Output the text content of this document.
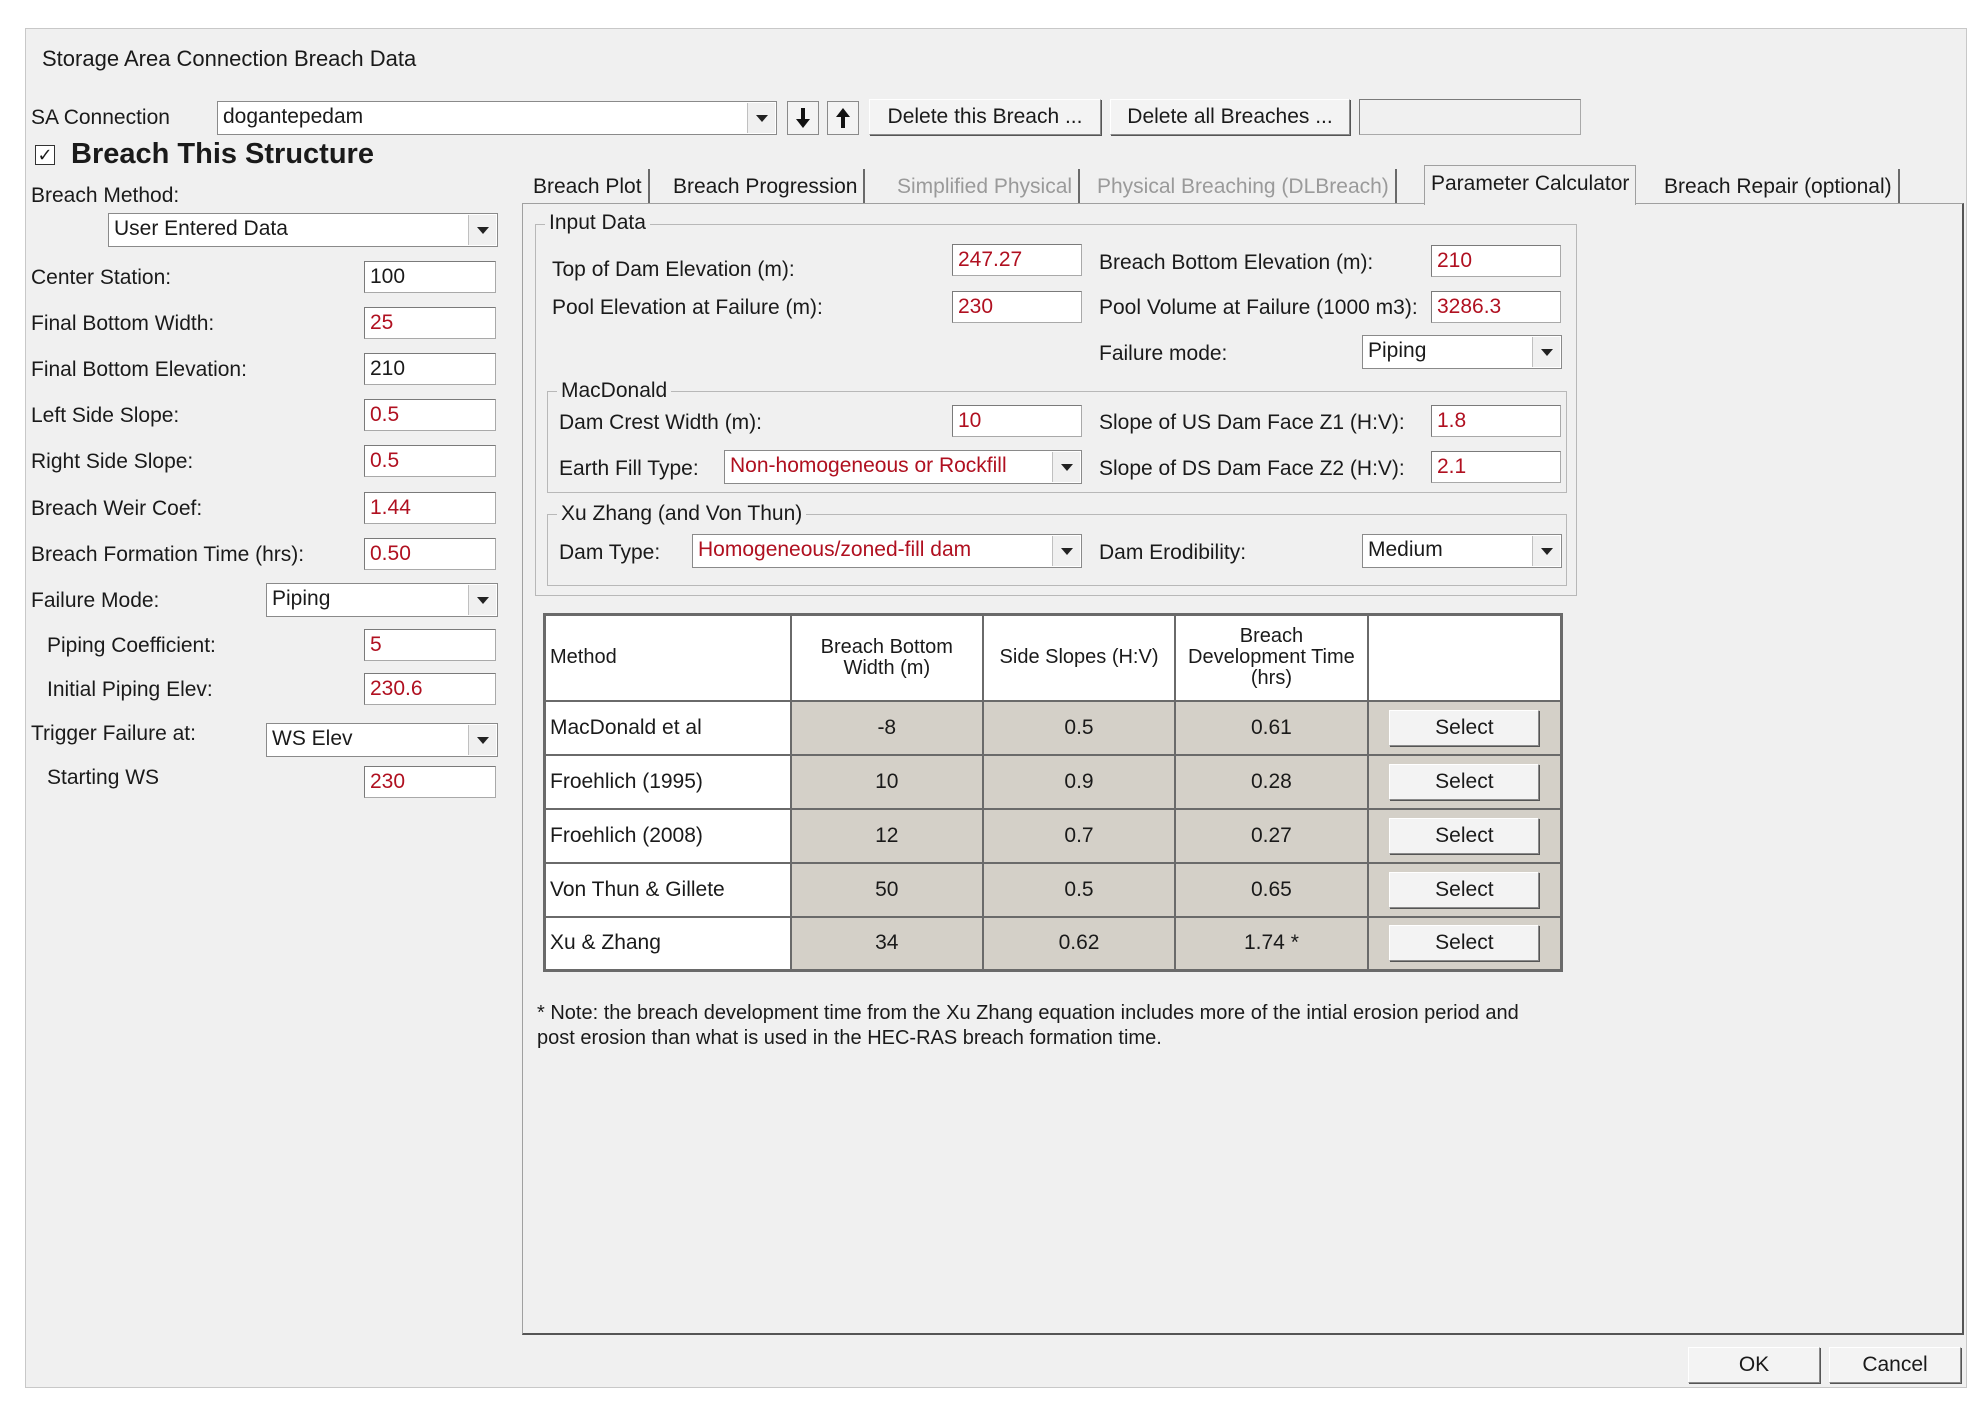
Storage Area Connection Breach Data
SA Connection	dogantepedam	Delete this Breach ...	Delete all Breaches ...
✓ Breach This Structure
Breach Method:
User Entered Data
Center Station:	100
Final Bottom Width:	25
Final Bottom Elevation:	210
Left Side Slope:	0.5
Right Side Slope:	0.5
Breach Weir Coef:	1.44
Breach Formation Time (hrs):	0.50
Failure Mode:	Piping
Piping Coefficient:	5
Initial Piping Elev:	230.6
Trigger Failure at:	WS Elev
Starting WS	230
Breach Plot	Breach Progression	Simplified Physical	Physical Breaching (DLBreach)	Parameter Calculator	Breach Repair (optional)
Input Data
Top of Dam Elevation (m):	247.27	Breach Bottom Elevation (m):	210
Pool Elevation at Failure (m):	230	Pool Volume at Failure (1000 m3): 3286.3
Failure mode:	Piping
MacDonald
Dam Crest Width (m):	10	Slope of US Dam Face Z1 (H:V): 1.8
Earth Fill Type: Non-homogeneous or Rockfill	Slope of DS Dam Face Z2 (H:V): 2.1
Xu Zhang (and Von Thun)
Dam Type: Homogeneous/zoned-fill dam	Dam Erodibility:	Medium
Method	Breach Bottom Width (m)	Side Slopes (H:V)	Breach Development Time (hrs)	
MacDonald et al	-8	0.5	0.61	Select
Froehlich (1995)	10	0.9	0.28	Select
Froehlich (2008)	12	0.7	0.27	Select
Von Thun & Gillete	50	0.5	0.65	Select
Xu & Zhang	34	0.62	1.74 *	Select
* Note: the breach development time from the Xu Zhang equation includes more of the intial erosion period and post erosion than what is used in the HEC-RAS breach formation time.
OK	Cancel
